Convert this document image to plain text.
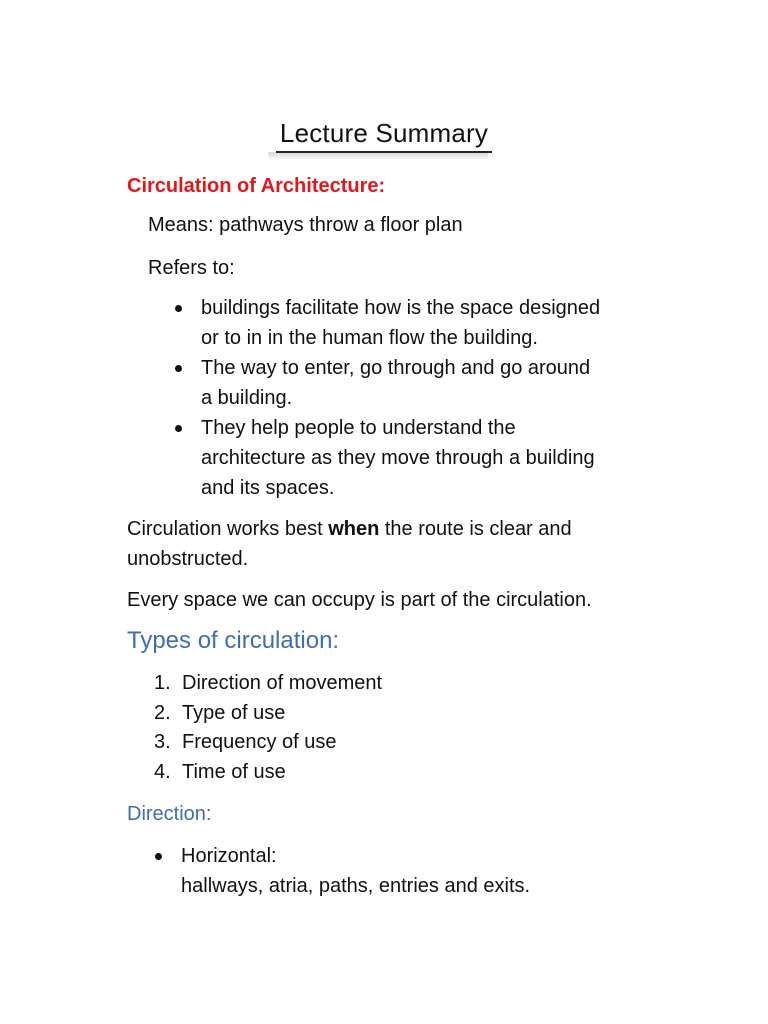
Lecture Summary
Circulation of Architecture:
Means: pathways throw a floor plan
Refers to:
buildings facilitate how is the space designed
or to in in the human flow the building.
The way to enter, go through and go around
a building.
They help people to understand the
architecture as they move through a building
and its spaces.
Circulation works best when the route is clear and
unobstructed.
Every space we can occupy is part of the circulation.
Types of circulation:
1. Direction of movement
2. Type of use
3. Frequency of use
4. Time of use
Direction:
Horizontal:
hallways, atria, paths, entries and exits.
